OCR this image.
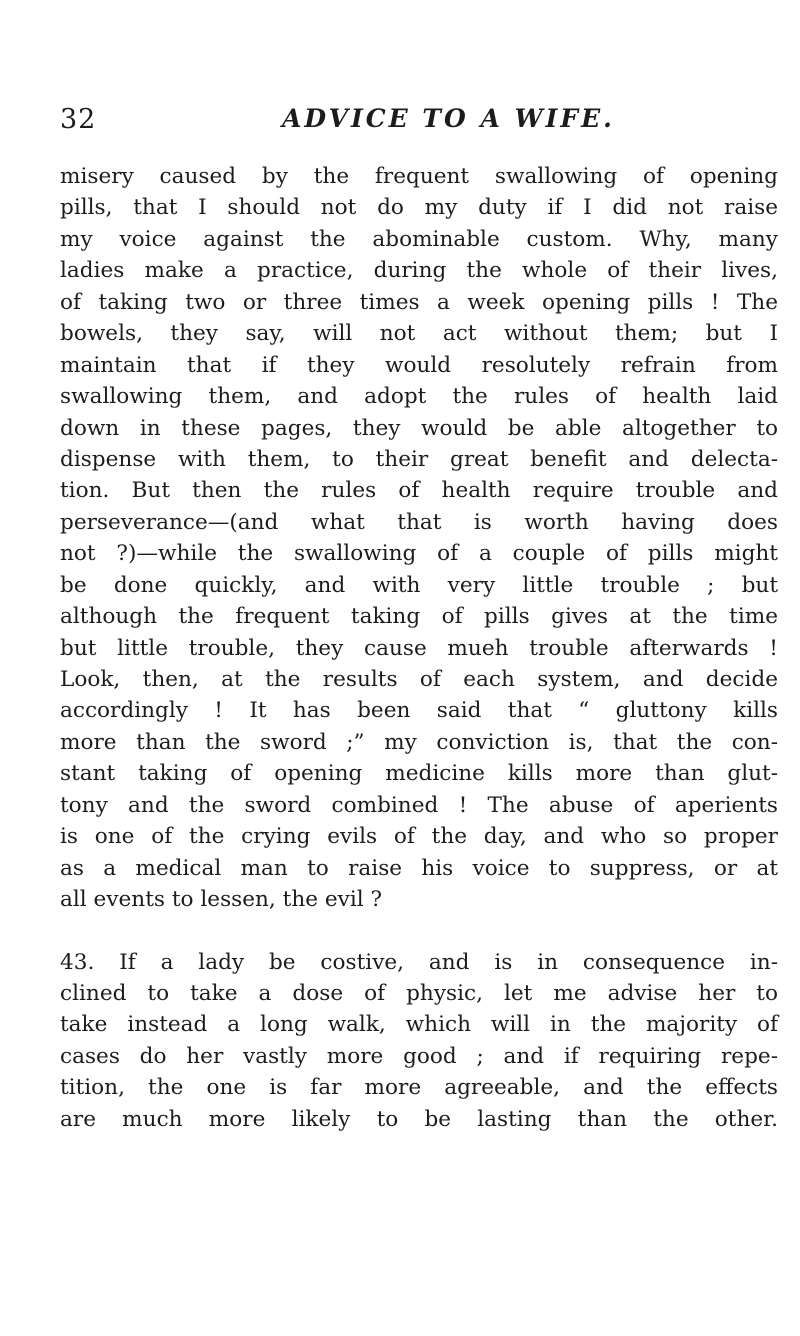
32	ADVICE TO A WIFE.
misery caused by the frequent swallowing of opening
pills, that I should not do my duty if I did not raise
my voice against the abominable custom. Why, many
ladies make a practice, during the whole of their lives,
of taking two or three times a week opening pills ! The
bowels, they say, will not act without them; but I
maintain that if they would resolutely refrain from
swallowing them, and adopt the rules of health laid
down in these pages, they would be able altogether to
dispense with them, to their great benefit and delecta-
tion. But then the rules of health require trouble and
perseverance—(and what that is worth having does
not ?)—while the swallowing of a couple of pills might
be done quickly, and with very little trouble ; but
although the frequent taking of pills gives at the time
but little trouble, they cause mueh trouble afterwards !
Look, then, at the results of each system, and decide
accordingly ! It has been said that “ gluttony kills
more than the sword ;” my conviction is, that the con-
stant taking of opening medicine kills more than glut-
tony and the sword combined ! The abuse of aperients
is one of the crying evils of the day, and who so proper
as a medical man to raise his voice to suppress, or at
all events to lessen, the evil ?
43. If a lady be costive, and is in consequence in-
clined to take a dose of physic, let me advise her to
take instead a long walk, which will in the majority of
cases do her vastly more good ; and if requiring repe-
tition, the one is far more agreeable, and the effects
are much more likely to be lasting than the other.
